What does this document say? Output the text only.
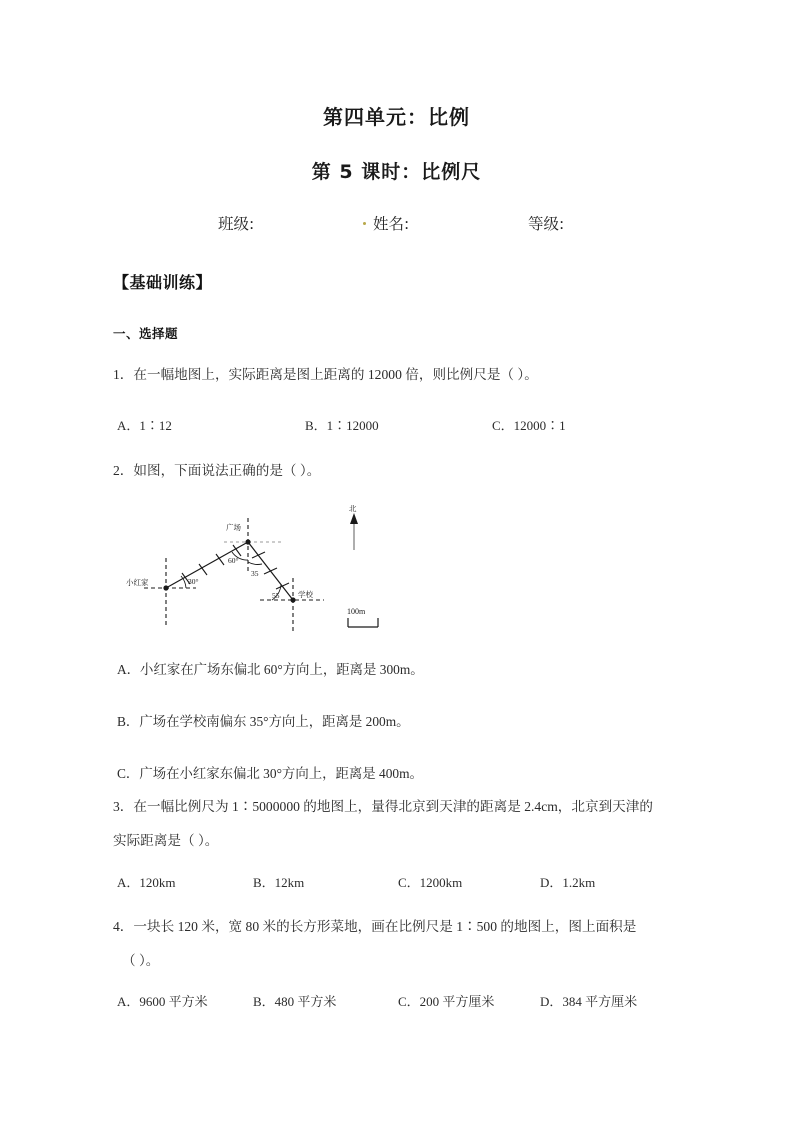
第四单元：比例
第 5 课时：比例尺
班级:	姓名:	等级:
【基础训练】
一、选择题
1．在一幅地图上，实际距离是图上距离的 12000 倍，则比例尺是（ ）。
A．1∶12	B．1∶12000	C．12000∶1
2．如图，下面说法正确的是（ ）。
小红家
广场
学校
30°
60°
35
55
北
100m
A．小红家在广场东偏北 60°方向上，距离是 300m。
B．广场在学校南偏东 35°方向上，距离是 200m。
C．广场在小红家东偏北 30°方向上，距离是 400m。
3．在一幅比例尺为 1∶5000000 的地图上，量得北京到天津的距离是 2.4cm，北京到天津的
实际距离是（ ）。
A．120km	B．12km	C．1200km	D．1.2km
4．一块长 120 米，宽 80 米的长方形菜地，画在比例尺是 1∶500 的地图上，图上面积是
（ ）。
A．9600 平方米	B．480 平方米	C．200 平方厘米	D．384 平方厘米
